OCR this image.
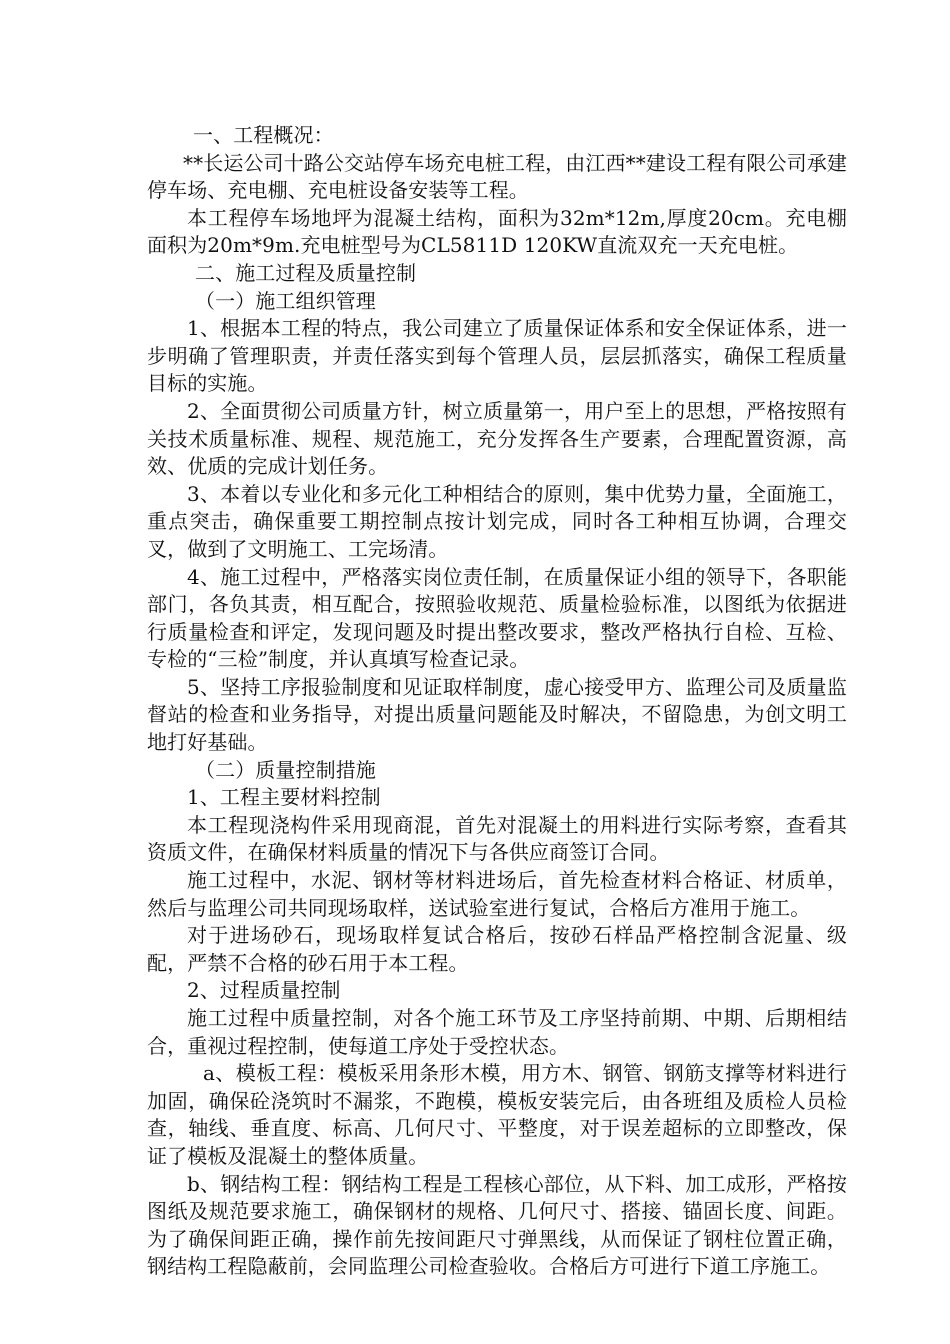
一、工程概况：

**长运公司十路公交站停车场充电桩工程，由江西**建设工程有限公司承建停车场、充电棚、充电桩设备安装等工程。

本工程停车场地坪为混凝土结构，面积为32m*12m,厚度20cm。充电棚面积为20m*9m.充电桩型号为CL5811D 120KW直流双充一天充电桩。

二、施工过程及质量控制

（一）施工组织管理

1、根据本工程的特点，我公司建立了质量保证体系和安全保证体系，进一步明确了管理职责，并责任落实到每个管理人员，层层抓落实，确保工程质量目标的实施。

2、全面贯彻公司质量方针，树立质量第一，用户至上的思想，严格按照有关技术质量标准、规程、规范施工，充分发挥各生产要素，合理配置资源，高效、优质的完成计划任务。

3、本着以专业化和多元化工种相结合的原则，集中优势力量，全面施工，重点突击，确保重要工期控制点按计划完成，同时各工种相互协调，合理交叉，做到了文明施工、工完场清。

4、施工过程中，严格落实岗位责任制，在质量保证小组的领导下，各职能部门，各负其责，相互配合，按照验收规范、质量检验标准，以图纸为依据进行质量检查和评定，发现问题及时提出整改要求，整改严格执行自检、互检、专检的“三检”制度，并认真填写检查记录。

5、坚持工序报验制度和见证取样制度，虚心接受甲方、监理公司及质量监督站的检查和业务指导，对提出质量问题能及时解决，不留隐患，为创文明工地打好基础。

（二）质量控制措施

1、工程主要材料控制

本工程现浇构件采用现商混，首先对混凝土的用料进行实际考察，查看其资质文件，在确保材料质量的情况下与各供应商签订合同。

施工过程中，水泥、钢材等材料进场后，首先检查材料合格证、材质单，然后与监理公司共同现场取样，送试验室进行复试，合格后方准用于施工。

对于进场砂石，现场取样复试合格后，按砂石样品严格控制含泥量、级配，严禁不合格的砂石用于本工程。

2、过程质量控制

施工过程中质量控制，对各个施工环节及工序坚持前期、中期、后期相结合，重视过程控制，使每道工序处于受控状态。

a、模板工程：模板采用条形木模，用方木、钢管、钢筋支撑等材料进行加固，确保砼浇筑时不漏浆，不跑模，模板安装完后，由各班组及质检人员检查，轴线、垂直度、标高、几何尺寸、平整度，对于误差超标的立即整改，保证了模板及混凝土的整体质量。

b、钢结构工程：钢结构工程是工程核心部位，从下料、加工成形，严格按图纸及规范要求施工，确保钢材的规格、几何尺寸、搭接、锚固长度、间距。为了确保间距正确，操作前先按间距尺寸弹黑线，从而保证了钢柱位置正确，钢结构工程隐蔽前，会同监理公司检查验收。合格后方可进行下道工序施工。
